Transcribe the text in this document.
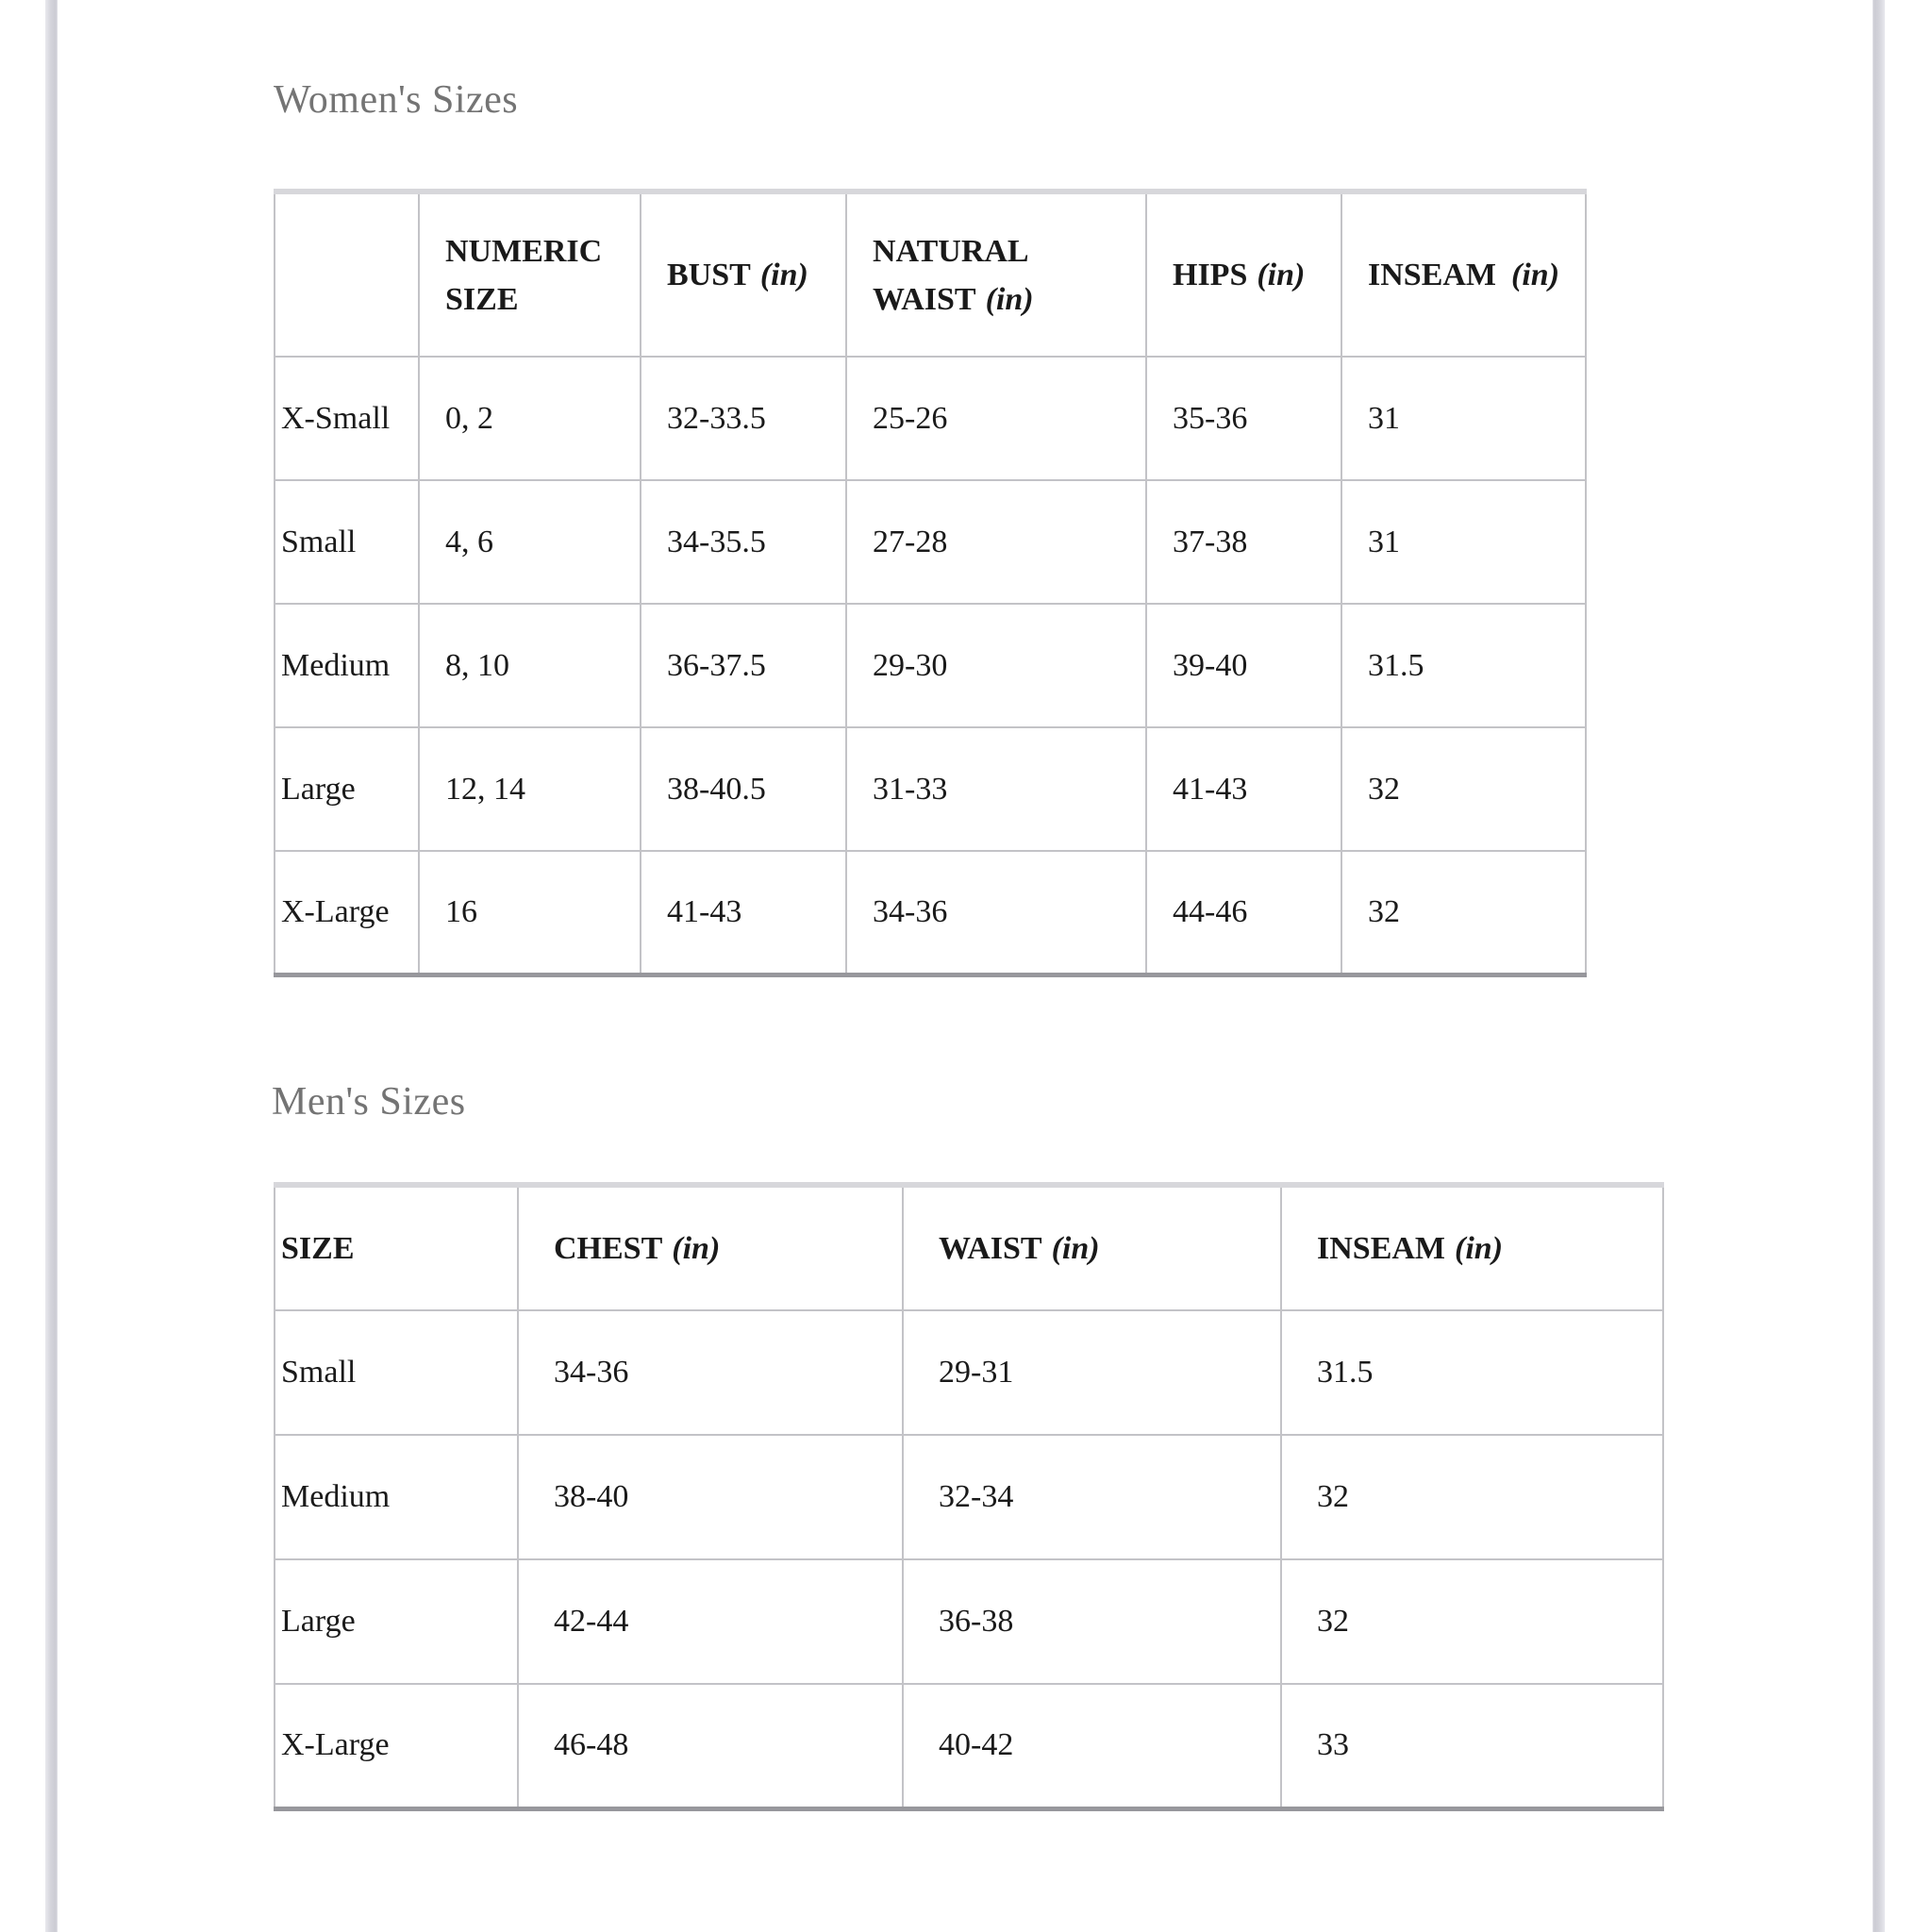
Women's Sizes
	NUMERIC SIZE	BUST (in)	NATURAL WAIST (in)	HIPS (in)	INSEAM (in)
X-Small	0, 2	32-33.5	25-26	35-36	31
Small	4, 6	34-35.5	27-28	37-38	31
Medium	8, 10	36-37.5	29-30	39-40	31.5
Large	12, 14	38-40.5	31-33	41-43	32
X-Large	16	41-43	34-36	44-46	32
Men's Sizes
SIZE	CHEST (in)	WAIST (in)	INSEAM (in)
Small	34-36	29-31	31.5
Medium	38-40	32-34	32
Large	42-44	36-38	32
X-Large	46-48	40-42	33
